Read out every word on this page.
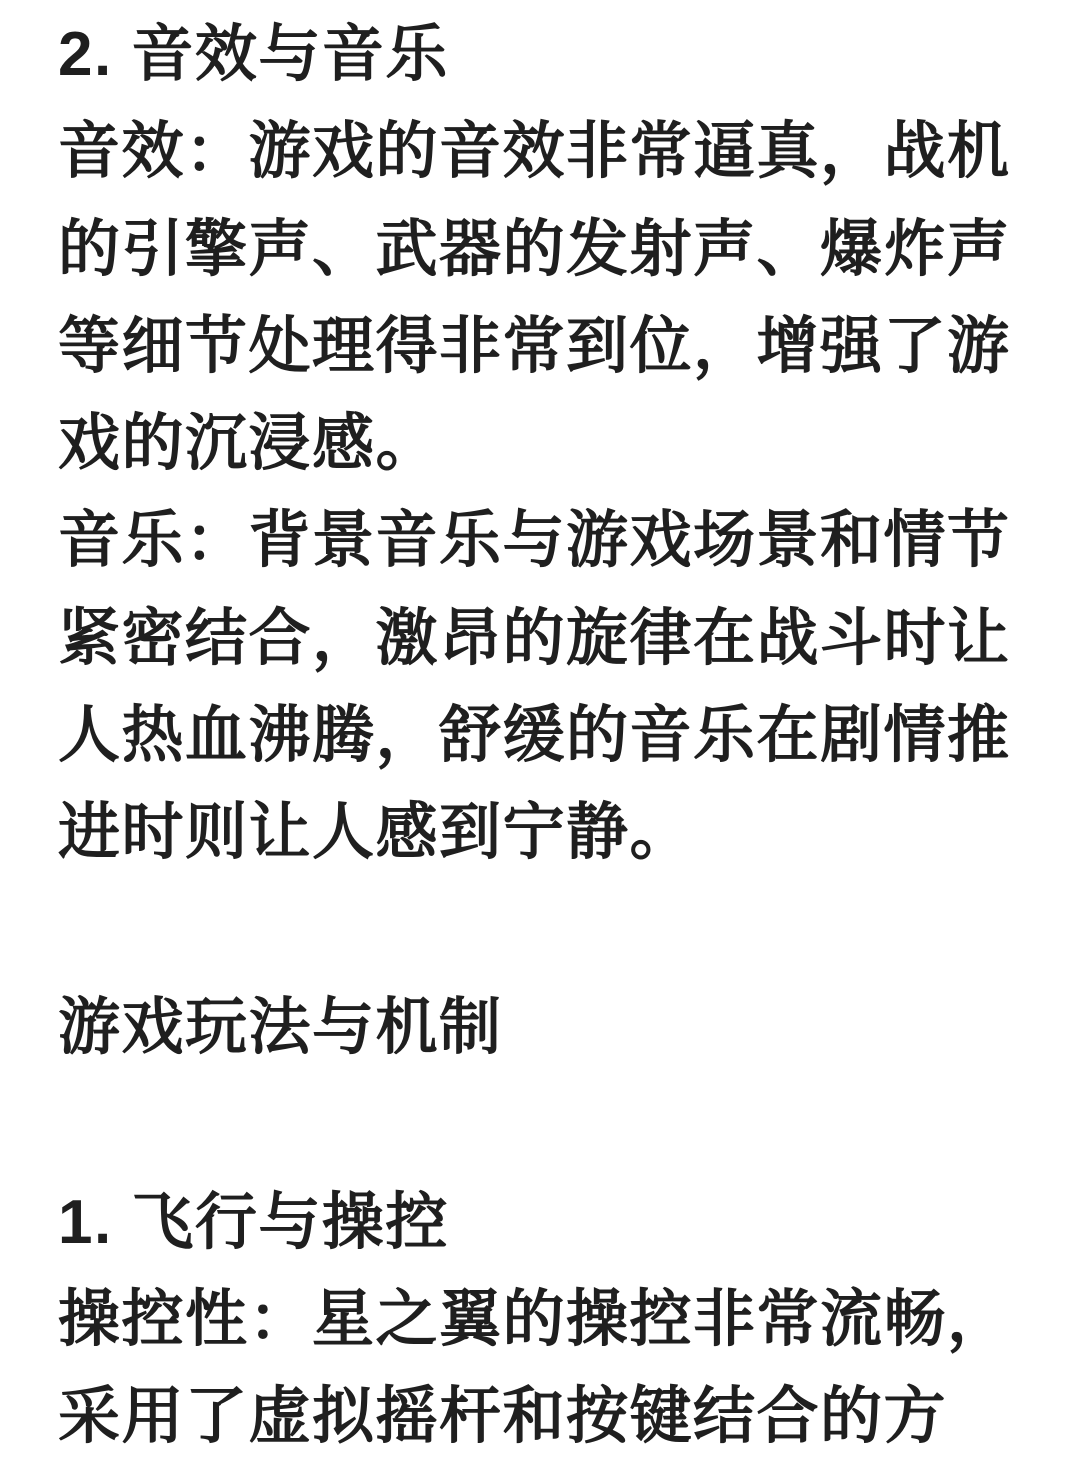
2. 音效与音乐
音效：游戏的音效非常逼真，战机
的引擎声、武器的发射声、爆炸声
等细节处理得非常到位，增强了游
戏的沉浸感。
音乐：背景音乐与游戏场景和情节
紧密结合，激昂的旋律在战斗时让
人热血沸腾，舒缓的音乐在剧情推
进时则让人感到宁静。
游戏玩法与机制
1. 飞行与操控
操控性：星之翼的操控非常流畅，
采用了虚拟摇杆和按键结合的方
